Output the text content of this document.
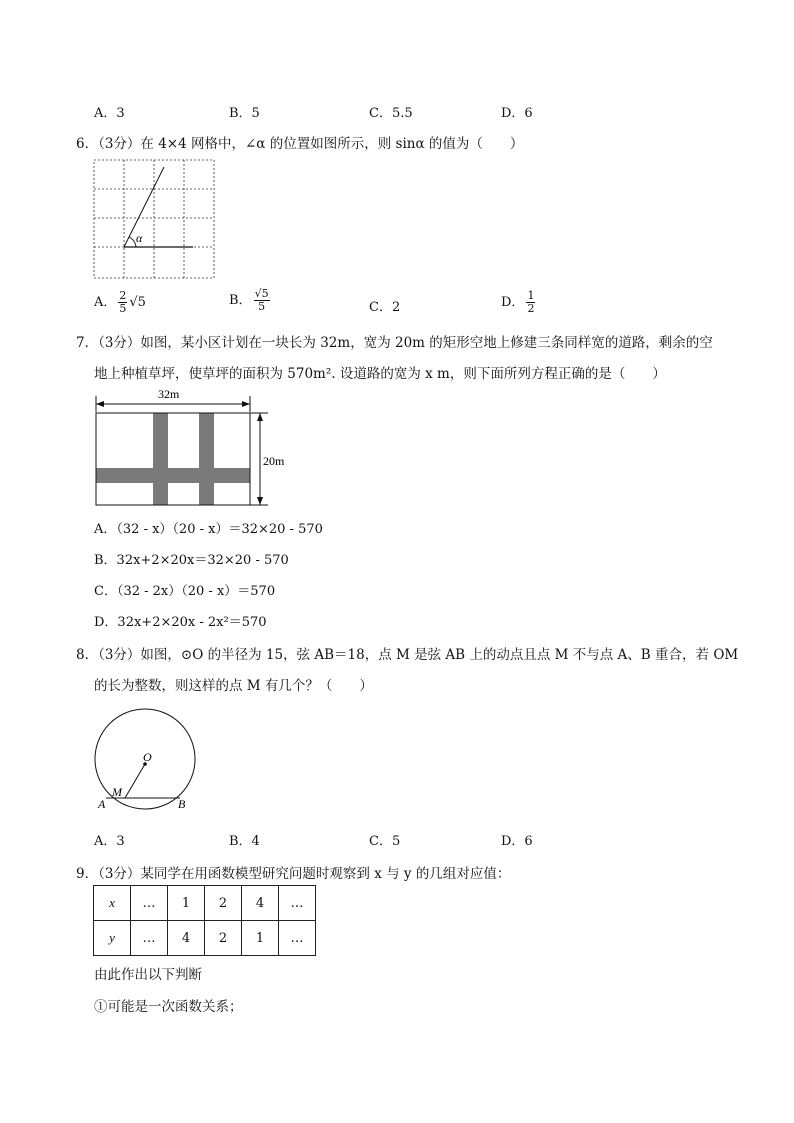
A．3	B．5	C．5.5	D．6
6．（3分）在 4×4 网格中，∠α 的位置如图所示，则 sinα 的值为（　　）
α
A． $\frac{2}{5} √5$	B． $\frac{√5}{5}$	C．2	D． $\frac{1}{2}$
7．（3分）如图，某小区计划在一块长为 32m，宽为 20m 的矩形空地上修建三条同样宽的道路，剩余的空
地上种植草坪，使草坪的面积为 570m². 设道路的宽为 x m，则下面所列方程正确的是（　　）
32m
20m
A．（32 - x）（20 - x）＝32×20 - 570
B．32x+2×20x＝32×20 - 570
C．（32 - 2x）（20 - x）＝570
D．32x+2×20x - 2x²＝570
8．（3分）如图，⊙O 的半径为 15，弦 AB＝18，点 M 是弦 AB 上的动点且点 M 不与点 A、B 重合，若 OM
的长为整数，则这样的点 M 有几个？（　　）
O
M
A	B
A．3	B．4	C．5	D．6
9．（3分）某同学在用函数模型研究问题时观察到 x 与 y 的几组对应值：
x	…	1	2	4	…
y	…	4	2	1	…
由此作出以下判断
①可能是一次函数关系；
